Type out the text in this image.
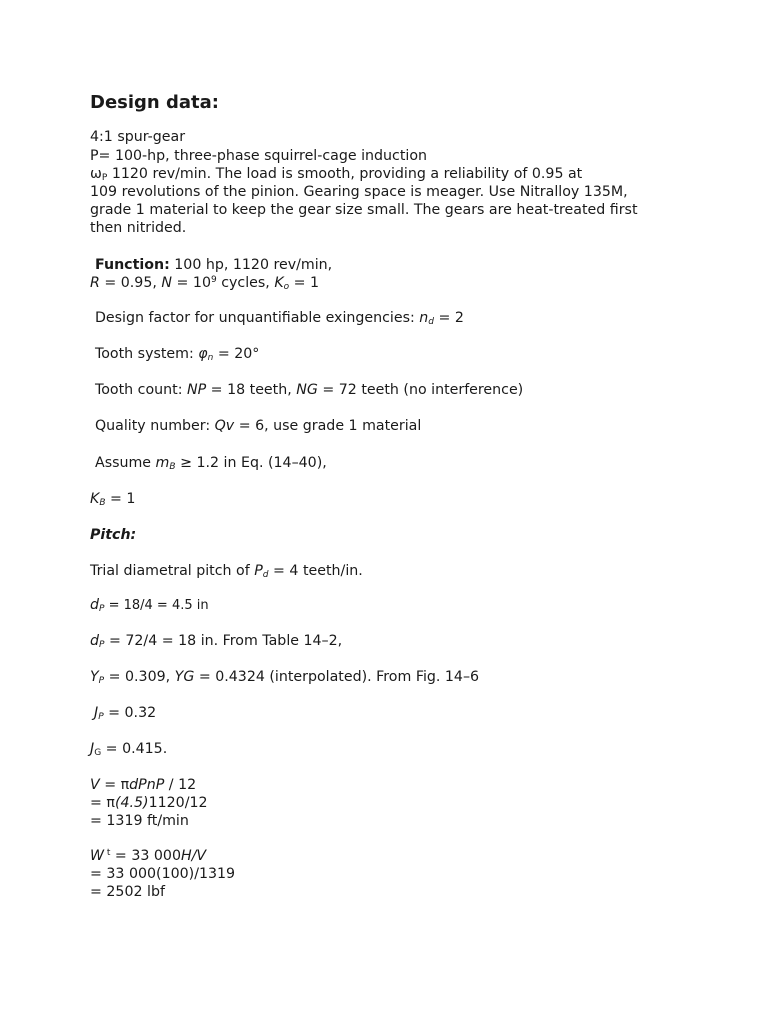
Design data:
4:1 spur-gear
P= 100-hp, three-phase squirrel-cage induction
$\omega_P$ 1120 rev/min. The load is smooth, providing a reliability of 0.95 at
109 revolutions of the pinion. Gearing space is meager. Use Nitralloy 135M,
grade 1 material to keep the gear size small. The gears are heat-treated first
then nitrided.
Function: 100 hp, 1120 rev/min,
R = 0.95, $N = 10^9$ cycles, $K_o = 1$
Design factor for unquantifiable exingencies: $n_d = 2$
Tooth system: $\varphi_n = 20^\circ$
Tooth count: NP = 18 teeth, NG = 72 teeth (no interference)
Quality number: Qv = 6, use grade 1 material
Assume $m_B \ge 1.2$ in Eq. (14–40),
$K_B = 1$
Pitch:
Trial diametral pitch of $P_d = 4$ teeth/in.
$d_P = 18/4 = 4.5$ in
$d_P = 72/4 = 18$ in. From Table 14–2,
$Y_P = 0.309$, YG = 0.4324 (interpolated). From Fig. 14–6
$J_P = 0.32$
$J_G = 0.415$.
V = πdPnP / 12
= π(4.5)1120/12
= 1319 ft/min
W $^t$ = 33 000H/V
= 33 000(100)/1319
= 2502 lbf
